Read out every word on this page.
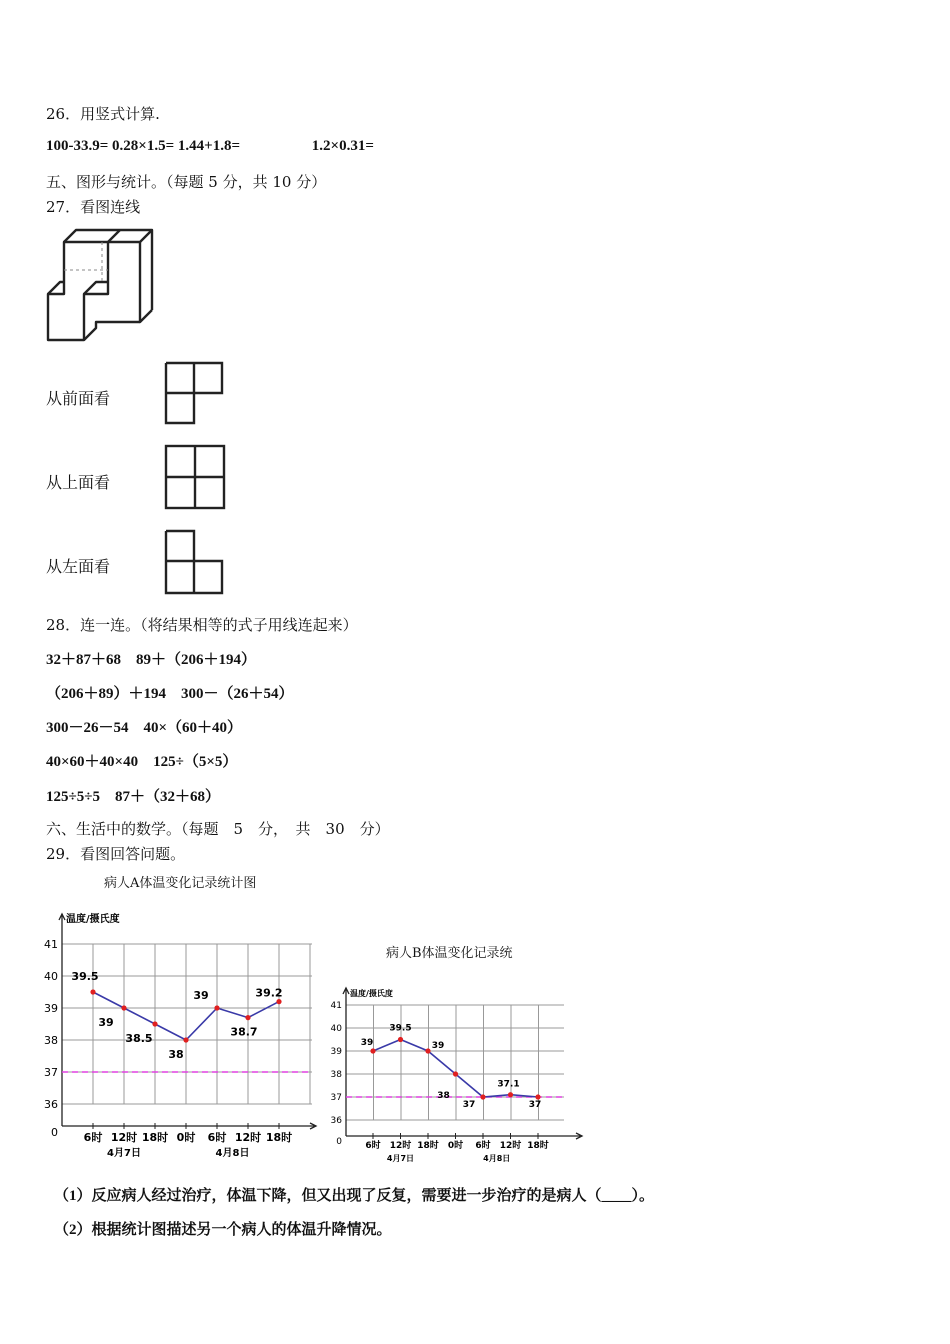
26．用竖式计算.
100-33.9= 0.28×1.5= 1.44+1.8=	1.2×0.31=
五、图形与统计。（每题 5 分，共 10 分）
27．看图连线
从前面看
从上面看
从左面看
28．连一连。（将结果相等的式子用线连起来）
32＋87＋68　89＋（206＋194）
（206＋89）＋194　300－（26＋54）
300－26－54　40×（60＋40）
40×60＋40×40　125÷（5×5）
125÷5÷5　87＋（32＋68）
六、生活中的数学。（每题　5　分，　共　30　分）
29．看图回答问题。
病人A体温变化记录统计图
温度/摄氏度
0
36
37
38
39
40
41
39.5
39
38.5
38
39
38.7
39.2
6时 12时 18时 0时 6时 12时 18时
4月7日	4月8日
病人B体温变化记录统
温度/摄氏度
0
36
37
38
39
40
41
39
39.5
39
38
37
37.1
37
6时 12时 18时 0时 6时 12时 18时
4月7日	4月8日
（1）反应病人经过治疗，体温下降，但又出现了反复，需要进一步治疗的是病人（____）。
（2）根据统计图描述另一个病人的体温升降情况。
